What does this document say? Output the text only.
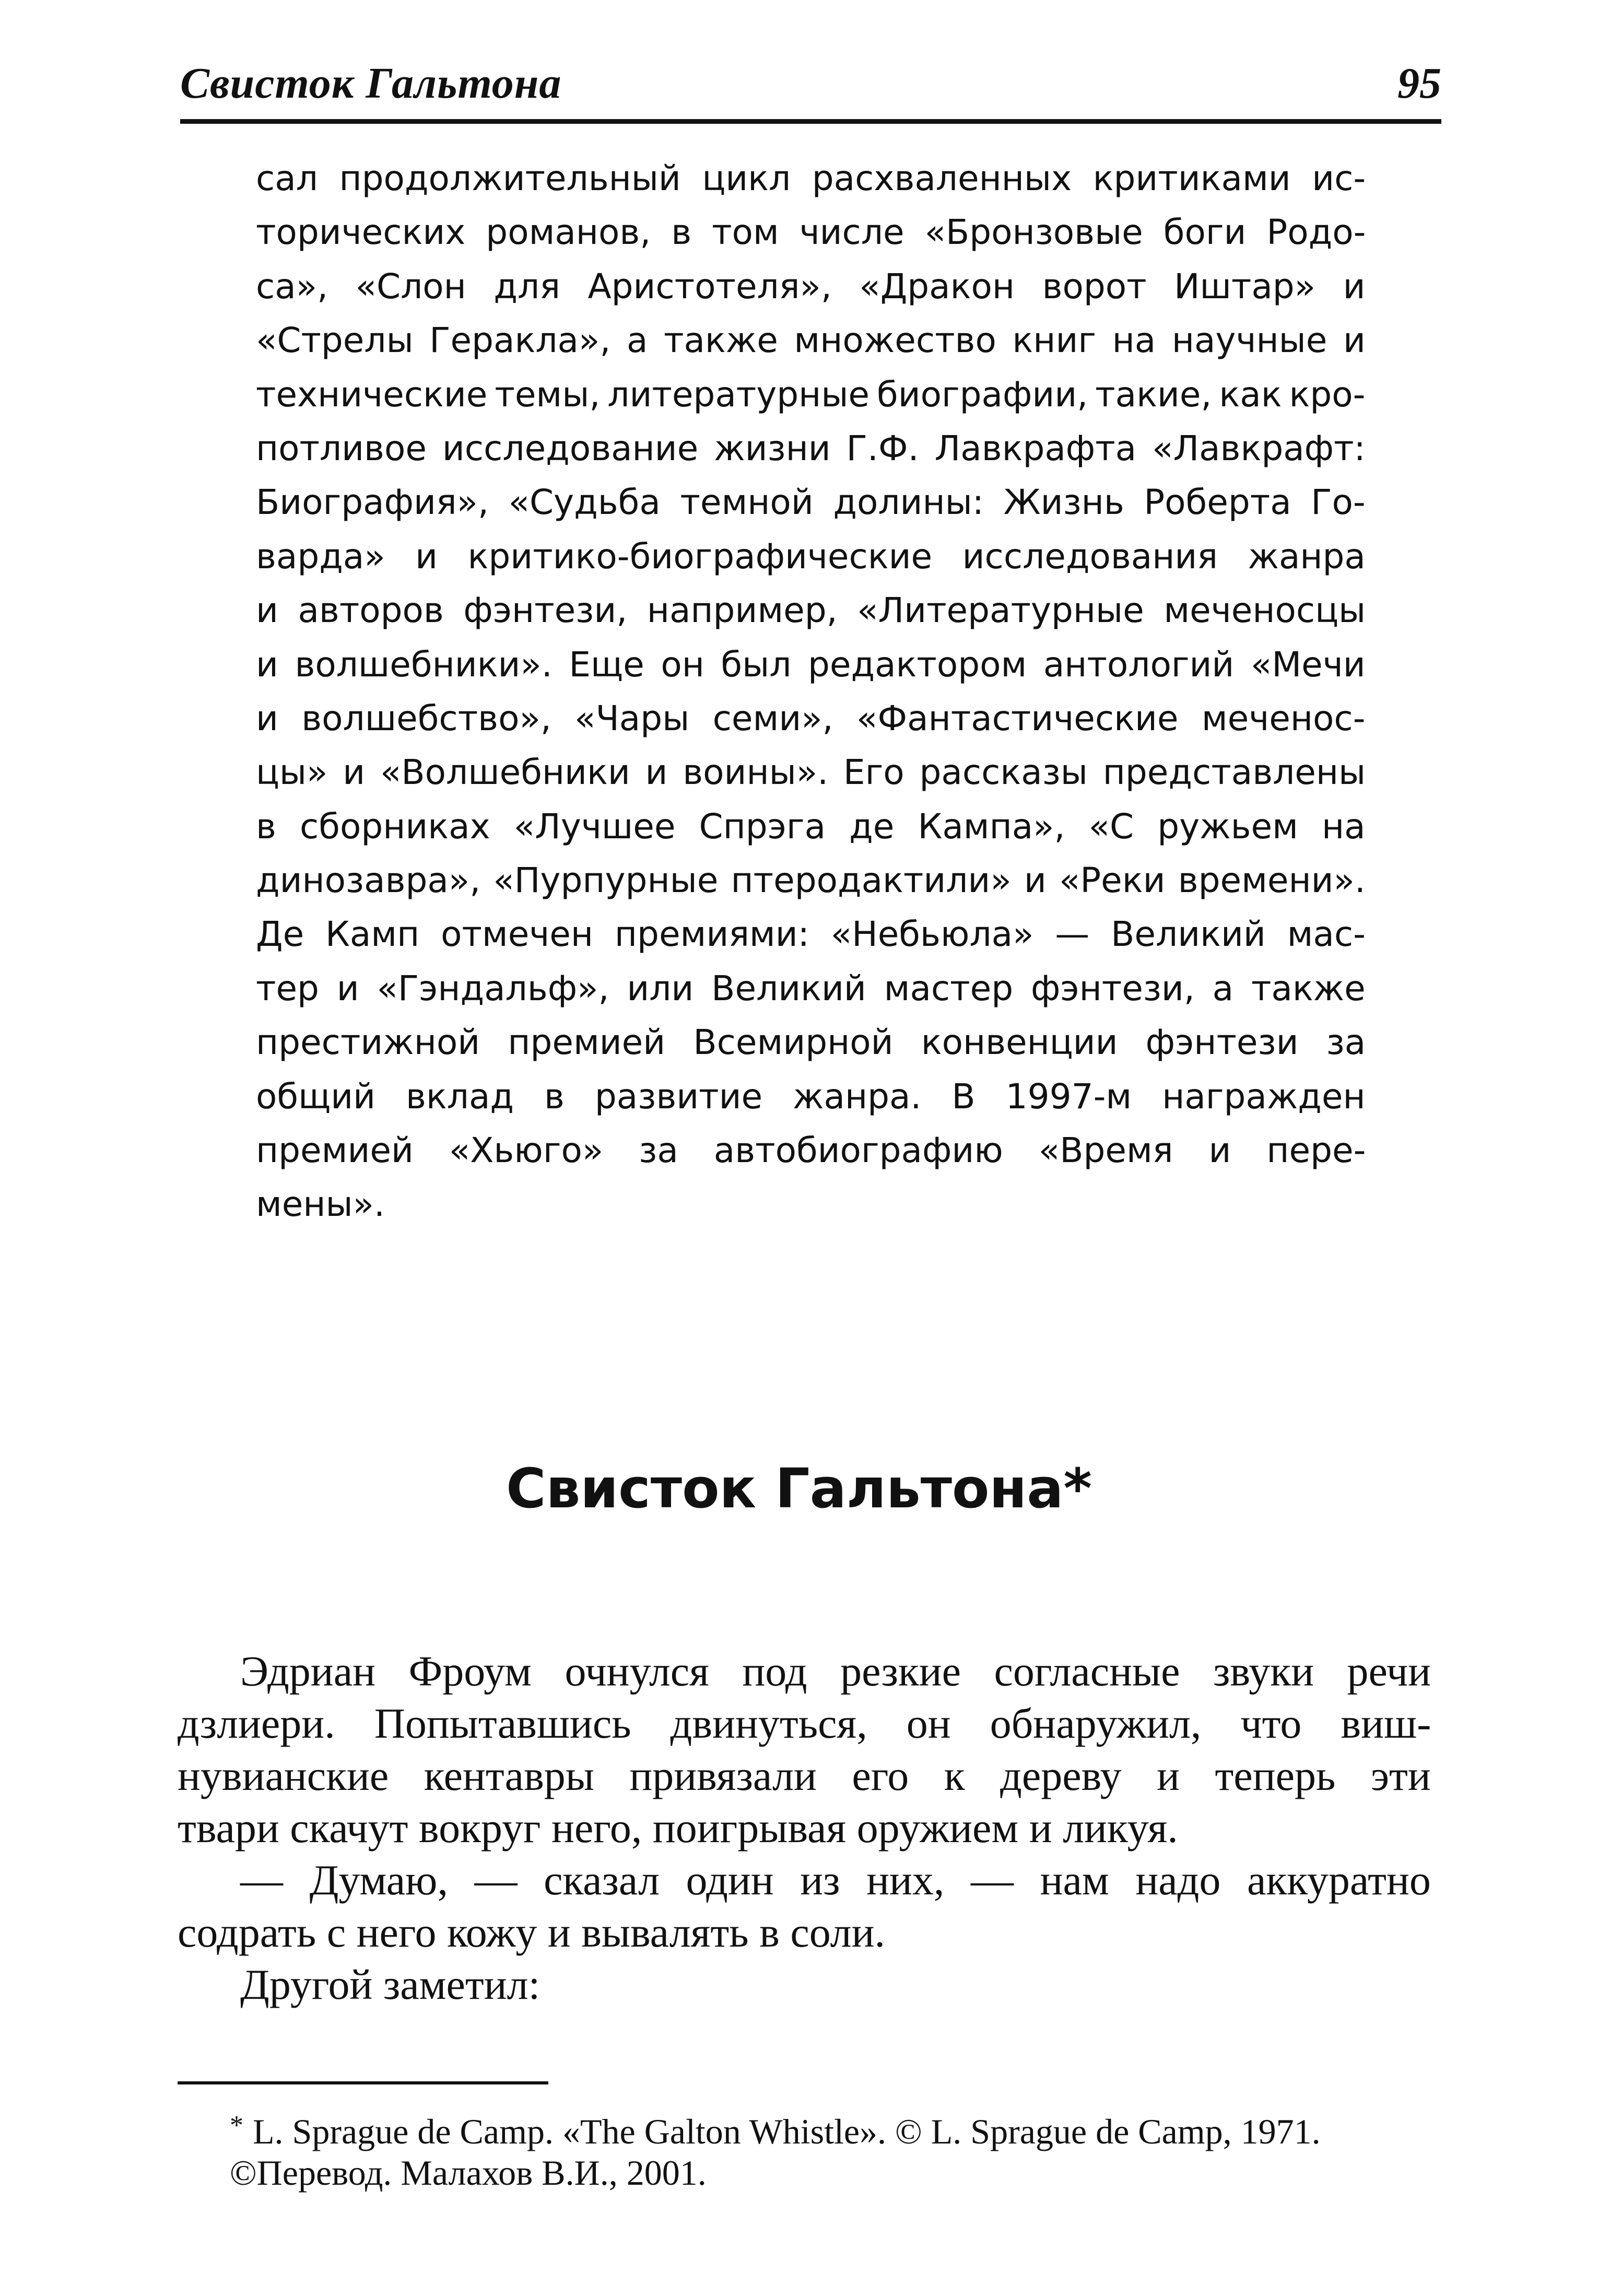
Свисток Гальтона	95
сал продолжительный цикл расхваленных критиками ис-
торических романов, в том числе «Бронзовые боги Родо-
са», «Слон для Аристотеля», «Дракон ворот Иштар» и
«Стрелы Геракла», а также множество книг на научные и
технические темы, литературные биографии, такие, как кро-
потливое исследование жизни Г.Ф. Лавкрафта «Лавкрафт:
Биография», «Судьба темной долины: Жизнь Роберта Го-
варда» и критико-биографические исследования жанра
и авторов фэнтези, например, «Литературные меченосцы
и волшебники». Еще он был редактором антологий «Мечи
и волшебство», «Чары семи», «Фантастические меченос-
цы» и «Волшебники и воины». Его рассказы представлены
в сборниках «Лучшее Спрэга де Кампа», «С ружьем на
динозавра», «Пурпурные птеродактили» и «Реки времени».
Де Камп отмечен премиями: «Небьюла» — Великий мас-
тер и «Гэндальф», или Великий мастер фэнтези, а также
престижной премией Всемирной конвенции фэнтези за
общий вклад в развитие жанра. В 1997-м награжден
премией «Хьюго» за автобиографию «Время и пере-
мены».
Свисток Гальтона*
Эдриан Фроум очнулся под резкие согласные звуки речи
дзлиери. Попытавшись двинуться, он обнаружил, что виш-
нувианские кентавры привязали его к дереву и теперь эти
твари скачут вокруг него, поигрывая оружием и ликуя.
— Думаю, — сказал один из них, — нам надо аккуратно
содрать с него кожу и вывалять в соли.
Другой заметил:
* L. Sprague de Camp. «The Galton Whistle». © L. Sprague de Camp, 1971.
©Перевод. Малахов В.И., 2001.
